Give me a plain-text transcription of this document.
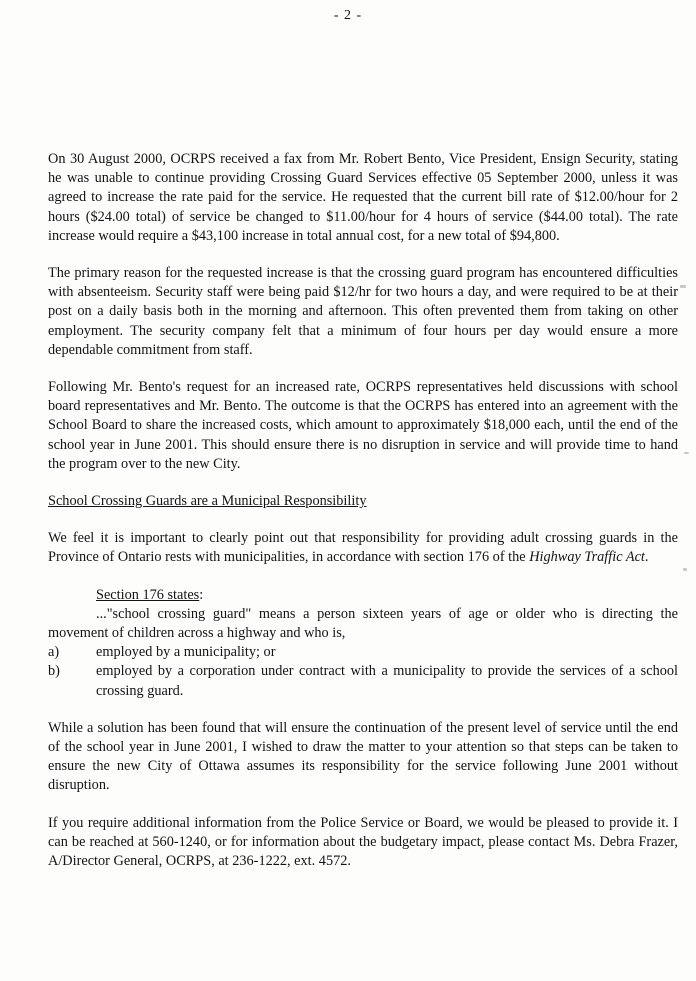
- 2 -

On 30 August 2000, OCRPS received a fax from Mr. Robert Bento, Vice President, Ensign Security, stating he was unable to continue providing Crossing Guard Services effective 05 September 2000, unless it was agreed to increase the rate paid for the service. He requested that the current bill rate of $12.00/hour for 2 hours ($24.00 total) of service be changed to $11.00/hour for 4 hours of service ($44.00 total). The rate increase would require a $43,100 increase in total annual cost, for a new total of $94,800.

The primary reason for the requested increase is that the crossing guard program has encountered difficulties with absenteeism. Security staff were being paid $12/hr for two hours a day, and were required to be at their post on a daily basis both in the morning and afternoon. This often prevented them from taking on other employment. The security company felt that a minimum of four hours per day would ensure a more dependable commitment from staff.

Following Mr. Bento's request for an increased rate, OCRPS representatives held discussions with school board representatives and Mr. Bento. The outcome is that the OCRPS has entered into an agreement with the School Board to share the increased costs, which amount to approximately $18,000 each, until the end of the school year in June 2001. This should ensure there is no disruption in service and will provide time to hand the program over to the new City.

School Crossing Guards are a Municipal Responsibility

We feel it is important to clearly point out that responsibility for providing adult crossing guards in the Province of Ontario rests with municipalities, in accordance with section 176 of the Highway Traffic Act.

Section 176 states:
..."school crossing guard" means a person sixteen years of age or older who is directing the movement of children across a highway and who is,
a)	employed by a municipality; or
b)	employed by a corporation under contract with a municipality to provide the services of a school crossing guard.

While a solution has been found that will ensure the continuation of the present level of service until the end of the school year in June 2001, I wished to draw the matter to your attention so that steps can be taken to ensure the new City of Ottawa assumes its responsibility for the service following June 2001 without disruption.

If you require additional information from the Police Service or Board, we would be pleased to provide it. I can be reached at 560-1240, or for information about the budgetary impact, please contact Ms. Debra Frazer, A/Director General, OCRPS, at 236-1222, ext. 4572.
